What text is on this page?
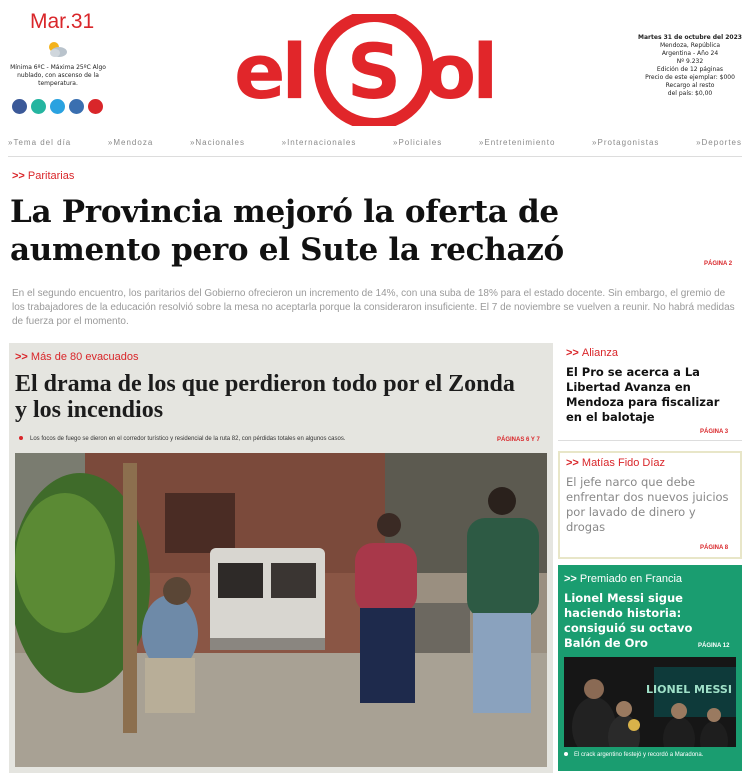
Mar.31
Mínima 6ºC - Máxima 25ºC Algo nublado, con ascenso de la temperatura.	el S ol	Martes 31 de octubre del 2023
Mendoza, República
Argentina - Año 24
Nº 9.232
Edición de 12 páginas
Precio de este ejemplar: $000
Recargo al resto
del país: $0,00
»Tema del día	»Mendoza	»Nacionales	»Internacionales	»Policiales	»Entretenimiento	»Protagonistas	»Deportes
>> Paritarias
La Provincia mejoró la oferta de aumento pero el Sute la rechazó	PÁGINA 2

En el segundo encuentro, los paritarios del Gobierno ofrecieron un incremento de 14%, con una suba de 18% para el estado docente. Sin embargo, el gremio de los trabajadores de la educación resolvió sobre la mesa no aceptarla porque la consideraron insuficiente. El 7 de noviembre se vuelven a reunir. No habrá medidas de fuerza por el momento.

>> Más de 80 evacuados
El drama de los que perdieron todo por el Zonda y los incendios
Los focos de fuego se dieron en el corredor turístico y residencial de la ruta 82, con pérdidas totales en algunos casos.	PÁGINAS 6 Y 7
>> Alianza
El Pro se acerca a La Libertad Avanza en Mendoza para fiscalizar en el balotaje
PÁGINA 3
>> Matías Fido Díaz
El jefe narco que debe enfrentar dos nuevos juicios por lavado de dinero y drogas
PÁGINA 8
>> Premiado en Francia
Lionel Messi sigue haciendo historia: consiguió su octavo Balón de Oro	PÁGINA 12
LIONEL MESSI
El crack argentino festejó y recordó a Maradona.
